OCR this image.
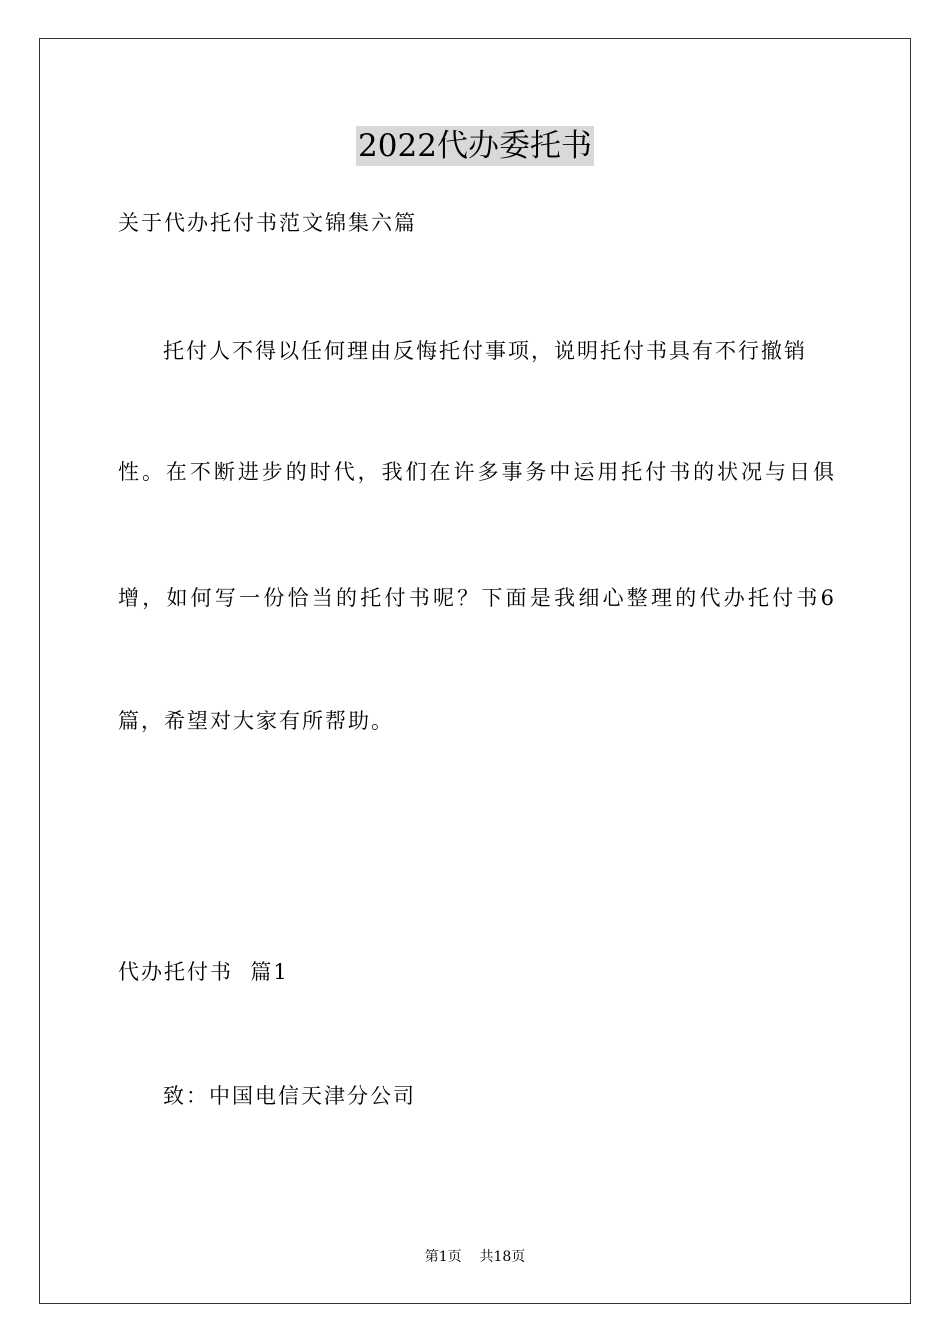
2022代办委托书
关于代办托付书范文锦集六篇
托付人不得以任何理由反悔托付事项，说明托付书具有不行撤销
性。在不断进步的时代，我们在许多事务中运用托付书的状况与日俱
增，如何写一份恰当的托付书呢？下面是我细心整理的代办托付书6
篇，希望对大家有所帮助。
代办托付书  篇1
致：中国电信天津分公司
第1页    共18页
